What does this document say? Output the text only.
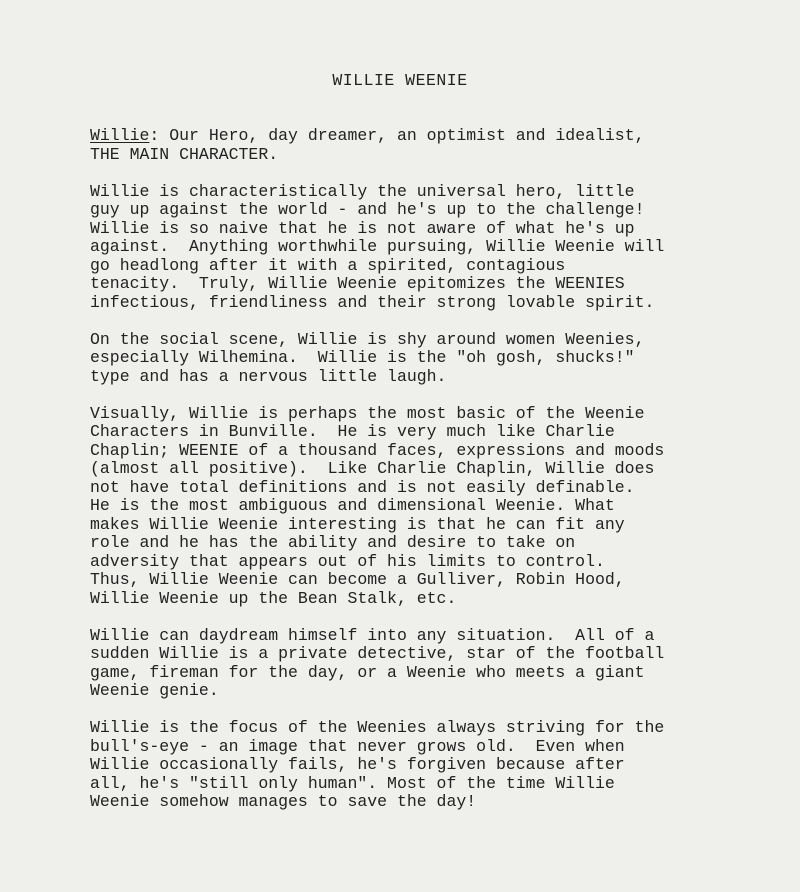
WILLIE WEENIE
Willie: Our Hero, day dreamer, an optimist and idealist,
THE MAIN CHARACTER.
Willie is characteristically the universal hero, little
guy up against the world - and he's up to the challenge!
Willie is so naive that he is not aware of what he's up
against.  Anything worthwhile pursuing, Willie Weenie will
go headlong after it with a spirited, contagious
tenacity.  Truly, Willie Weenie epitomizes the WEENIES
infectious, friendliness and their strong lovable spirit.
On the social scene, Willie is shy around women Weenies,
especially Wilhemina.  Willie is the "oh gosh, shucks!"
type and has a nervous little laugh.
Visually, Willie is perhaps the most basic of the Weenie
Characters in Bunville.  He is very much like Charlie
Chaplin; WEENIE of a thousand faces, expressions and moods
(almost all positive).  Like Charlie Chaplin, Willie does
not have total definitions and is not easily definable.
He is the most ambiguous and dimensional Weenie. What
makes Willie Weenie interesting is that he can fit any
role and he has the ability and desire to take on
adversity that appears out of his limits to control.
Thus, Willie Weenie can become a Gulliver, Robin Hood,
Willie Weenie up the Bean Stalk, etc.
Willie can daydream himself into any situation.  All of a
sudden Willie is a private detective, star of the football
game, fireman for the day, or a Weenie who meets a giant
Weenie genie.
Willie is the focus of the Weenies always striving for the
bull's-eye - an image that never grows old.  Even when
Willie occasionally fails, he's forgiven because after
all, he's "still only human". Most of the time Willie
Weenie somehow manages to save the day!
